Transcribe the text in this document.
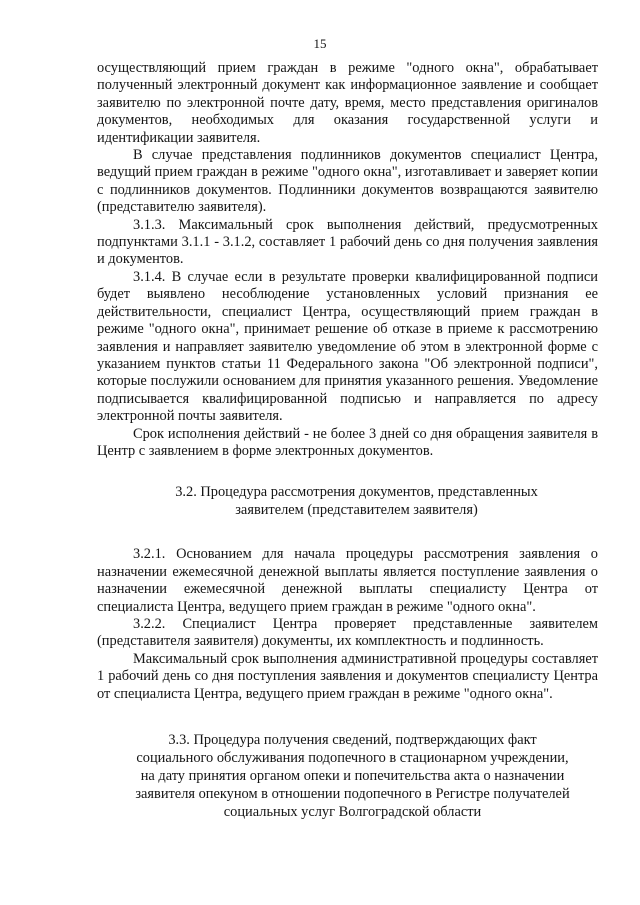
15

осуществляющий прием граждан в режиме "одного окна", обрабатывает полученный электронный документ как информационное заявление и сообщает заявителю по электронной почте дату, время, место представления оригиналов документов, необходимых для оказания государственной услуги и идентификации заявителя.

В случае представления подлинников документов специалист Центра, ведущий прием граждан в режиме "одного окна", изготавливает и заверяет копии с подлинников документов. Подлинники документов возвращаются заявителю (представителю заявителя).

3.1.3. Максимальный срок выполнения действий, предусмотренных подпунктами 3.1.1 - 3.1.2, составляет 1 рабочий день со дня получения заявления и документов.

3.1.4. В случае если в результате проверки квалифицированной подписи будет выявлено несоблюдение установленных условий признания ее действительности, специалист Центра, осуществляющий прием граждан в режиме "одного окна", принимает решение об отказе в приеме к рассмотрению заявления и направляет заявителю уведомление об этом в электронной форме с указанием пунктов статьи 11 Федерального закона "Об электронной подписи", которые послужили основанием для принятия указанного решения. Уведомление подписывается квалифицированной подписью и направляется по адресу электронной почты заявителя.

Срок исполнения действий - не более 3 дней со дня обращения заявителя в Центр с заявлением в форме электронных документов.

3.2. Процедура рассмотрения документов, представленных
заявителем (представителем заявителя)

3.2.1. Основанием для начала процедуры рассмотрения заявления о назначении ежемесячной денежной выплаты является поступление заявления о назначении ежемесячной денежной выплаты специалисту Центра от специалиста Центра, ведущего прием граждан в режиме "одного окна".

3.2.2. Специалист Центра проверяет представленные заявителем (представителя заявителя) документы, их комплектность и подлинность.

Максимальный срок выполнения административной процедуры составляет 1 рабочий день со дня поступления заявления и документов специалисту Центра от специалиста Центра, ведущего прием граждан в режиме "одного окна".

3.3. Процедура получения сведений, подтверждающих факт
социального обслуживания подопечного в стационарном учреждении,
на дату принятия органом опеки и попечительства акта о назначении
заявителя опекуном в отношении подопечного в Регистре получателей
социальных услуг Волгоградской области
